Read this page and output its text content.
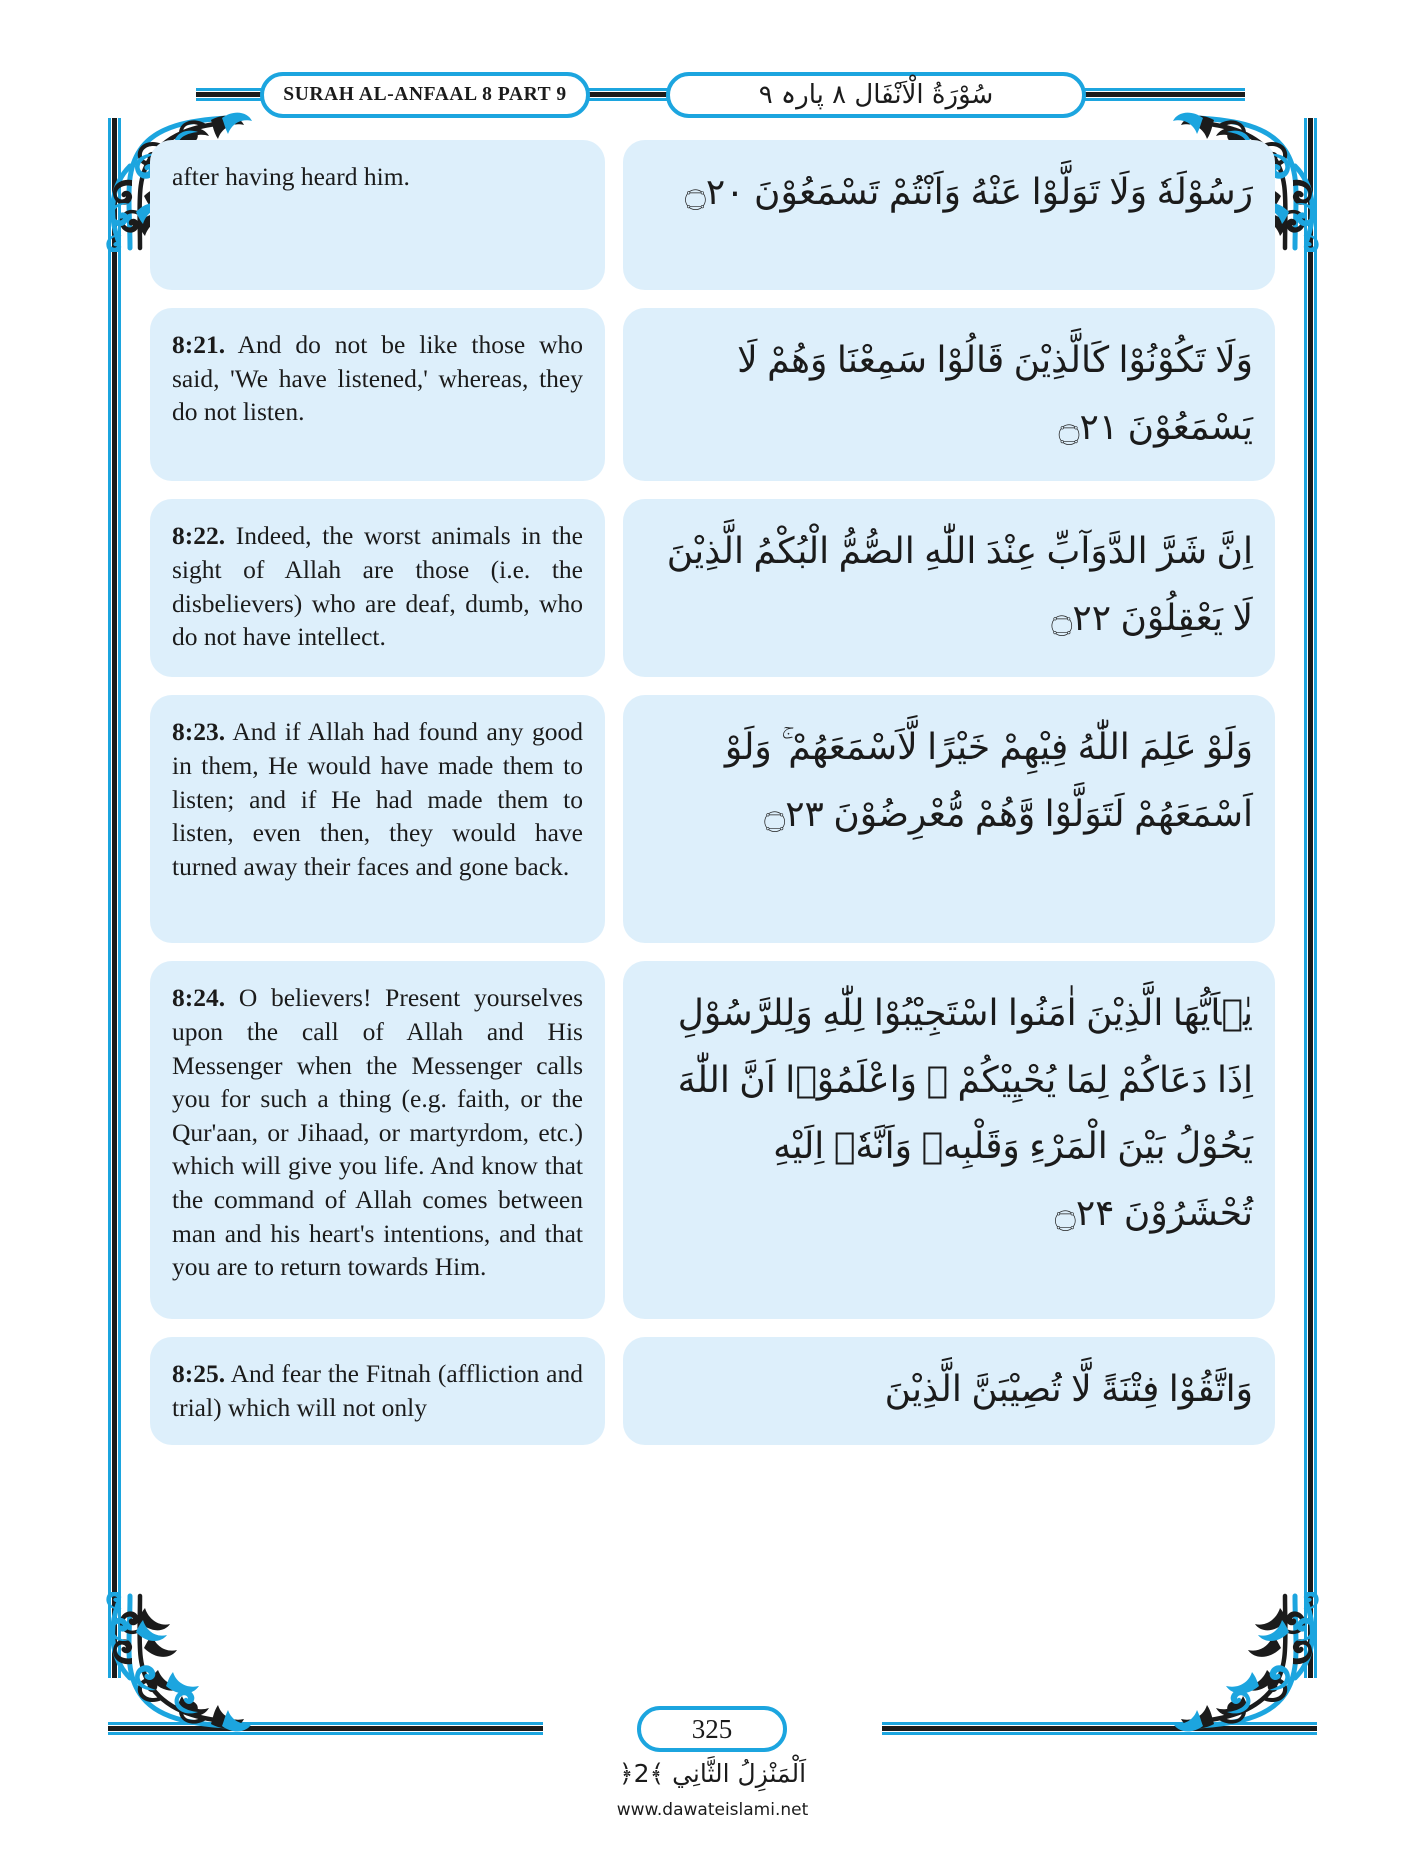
SURAH AL-ANFAAL 8 PART 9	سُوْرَةُ الْاَنْفَال ٨ پارہ ٩
after having heard him.	رَسُوْلَهٗ وَلَا تَوَلَّوْا عَنْهُ وَاَنْتُمْ تَسْمَعُوْنَ ۝۲۰
8:21. And do not be like those who said, 'We have listened,' whereas, they do not listen.
وَلَا تَكُوْنُوْا كَالَّذِيْنَ قَالُوْا سَمِعْنَا وَهُمْ لَا يَسْمَعُوْنَ ۝۲۱
8:22. Indeed, the worst animals in the sight of Allah are those (i.e. the disbelievers) who are deaf, dumb, who do not have intellect.
اِنَّ شَرَّ الدَّوَآبِّ عِنْدَ اللّٰهِ الصُّمُّ الْبُكْمُ الَّذِيْنَ لَا يَعْقِلُوْنَ ۝۲۲
8:23. And if Allah had found any good in them, He would have made them to listen; and if He had made them to listen, even then, they would have turned away their faces and gone back.
وَلَوْ عَلِمَ اللّٰهُ فِيْهِمْ خَيْرًا لَّاَسْمَعَهُمْ ۚ وَلَوْ اَسْمَعَهُمْ لَتَوَلَّوْا وَّهُمْ مُّعْرِضُوْنَ ۝۲۳
8:24. O believers! Present yourselves upon the call of Allah and His Messenger when the Messenger calls you for such a thing (e.g. faith, or the Qur'aan, or Jihaad, or martyrdom, etc.) which will give you life. And know that the command of Allah comes between man and his heart's intentions, and that you are to return towards Him.
يٰۤاَيُّهَا الَّذِيْنَ اٰمَنُوا اسْتَجِيْبُوْا لِلّٰهِ وَلِلرَّسُوْلِ اِذَا دَعَاكُمْ لِمَا يُحْيِيْكُمْ ۚ وَاعْلَمُوْۤا اَنَّ اللّٰهَ يَحُوْلُ بَيْنَ الْمَرْءِ وَقَلْبِهٖ وَاَنَّهٗۤ اِلَيْهِ تُحْشَرُوْنَ ۝۲۴
8:25. And fear the Fitnah (affliction and trial) which will not only	وَاتَّقُوْا فِتْنَةً لَّا تُصِيْبَنَّ الَّذِيْنَ
325
اَلْمَنْزِلُ الثَّانِي ﴾2﴿
www.dawateislami.net
